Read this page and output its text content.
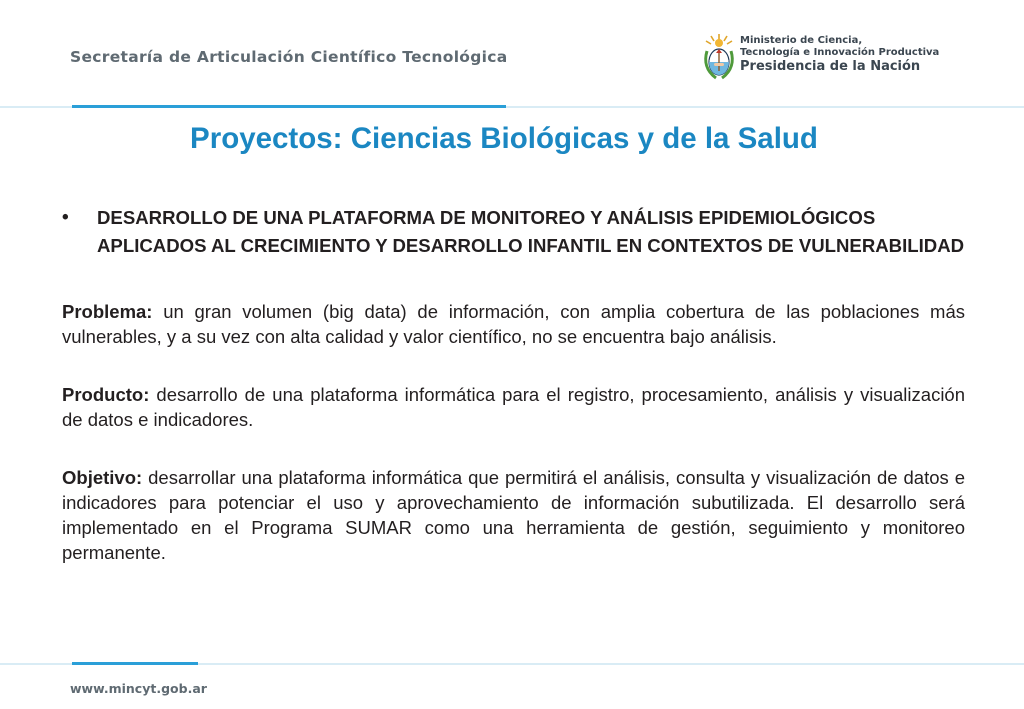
Secretaría de Articulación Científico Tecnológica
Ministerio de Ciencia,
Tecnología e Innovación Productiva
Presidencia de la Nación
Proyectos: Ciencias Biológicas y de la Salud
• DESARROLLO DE UNA PLATAFORMA DE MONITOREO Y ANÁLISIS EPIDEMIOLÓGICOS APLICADOS AL CRECIMIENTO Y DESARROLLO INFANTIL EN CONTEXTOS DE VULNERABILIDAD
Problema: un gran volumen (big data) de información, con amplia cobertura de las poblaciones más vulnerables, y a su vez con alta calidad y valor científico, no se encuentra bajo análisis.
Producto: desarrollo de una plataforma informática para el registro, procesamiento, análisis y visualización de datos e indicadores.
Objetivo: desarrollar una plataforma informática que permitirá el análisis, consulta y visualización de datos e indicadores para potenciar el uso y aprovechamiento de información subutilizada. El desarrollo será implementado en el Programa SUMAR como una herramienta de gestión, seguimiento y monitoreo permanente.
www.mincyt.gob.ar
